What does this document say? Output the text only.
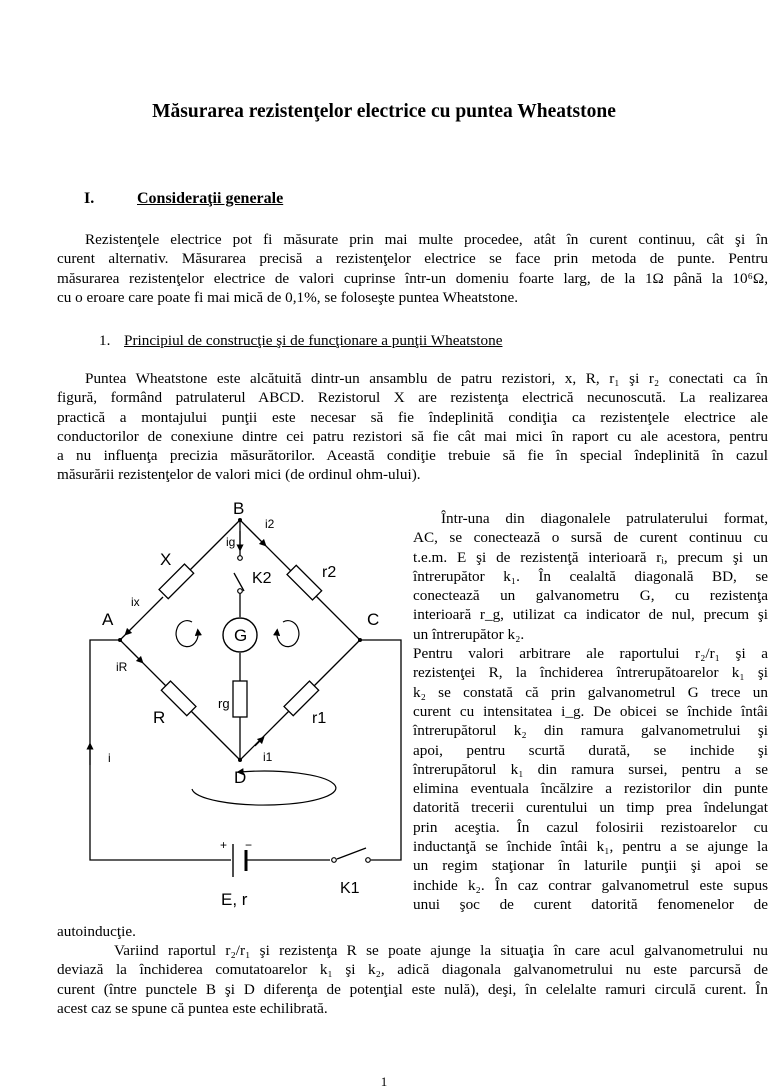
Măsurarea rezistenţelor electrice cu puntea Wheatstone
I.	Consideraţii generale
Rezistenţele electrice pot fi măsurate prin mai multe procedee, atât în curent continuu, cât şi în
curent alternativ. Măsurarea precisă a rezistenţelor electrice se face prin metoda de punte. Pentru
măsurarea rezistenţelor electrice de valori cuprinse într-un domeniu foarte larg, de la 1Ω până la 10⁶Ω,
cu o eroare care poate fi mai mică de 0,1%, se foloseşte puntea Wheatstone.
1. Principiul de construcţie şi de funcţionare a punţii Wheatstone
Puntea Wheatstone este alcătuită dintr-un ansamblu de patru rezistori, x, R, r₁ şi r₂ conectati ca în
figură, formând patrulaterul ABCD. Rezistorul X are rezistenţa electrică necunoscută. La realizarea
practică a montajului punţii este necesar să fie îndeplinită condiţia ca rezistenţele electrice ale
conductorilor de conexiune dintre cei patru rezistori să fie cât mai mici în raport cu ale acestora, pentru
a nu influenţa precizia măsurătorilor. Această condiţie trebuie să fie în special îndeplinită în cazul
măsurării rezistenţelor de valori mici (de ordinul ohm-ului).
A
B
C
D
X
R
G
E, r
K2	r2
r1
rg
K1
i2
ig
ix
iR
i1
i
+ −
Într-una din diagonalele patrulaterului format,
AC, se conectează o sursă de curent continuu cu
t.e.m. E şi de rezistenţă interioară rᵢ, precum şi un
întrerupător k₁. În cealaltă diagonală BD, se
conectează un galvanometru G, cu rezistenţa
interioară r_g, utilizat ca indicator de nul, precum şi
un întrerupător k₂.
Pentru valori arbitrare ale raportului r₂/r₁ şi a
rezistenţei R, la închiderea întrerupătoarelor k₁ şi
k₂ se constată că prin galvanometrul G trece un
curent cu intensitatea i_g. De obicei se închide întâi
întrerupătorul k₂ din ramura galvanometrului şi
apoi, pentru scurtă durată, se inchide şi
întrerupătorul k₁ din ramura sursei, pentru a se
elimina eventuala încălzire a rezistorilor din punte
datorită trecerii curentului un timp prea îndelungat
prin aceştia. În cazul folosirii rezistoarelor cu
inductanţă se închide întâi k₁, pentru a se ajunge la
un regim staţionar în laturile punţii şi apoi se
inchide k₂. În caz contrar galvanometrul este supus
unui şoc de curent datorită fenomenelor de
autoinducţie.
Variind raportul r₂/r₁ şi rezistenţa R se poate ajunge la situaţia în care acul galvanometrului nu
deviază la închiderea comutatoarelor k₁ şi k₂, adică diagonala galvanometrului nu este parcursă de
curent (între punctele B şi D diferenţa de potenţial este nulă), deşi, în celelalte ramuri circulă curent. În
acest caz se spune că puntea este echilibrată.
1
